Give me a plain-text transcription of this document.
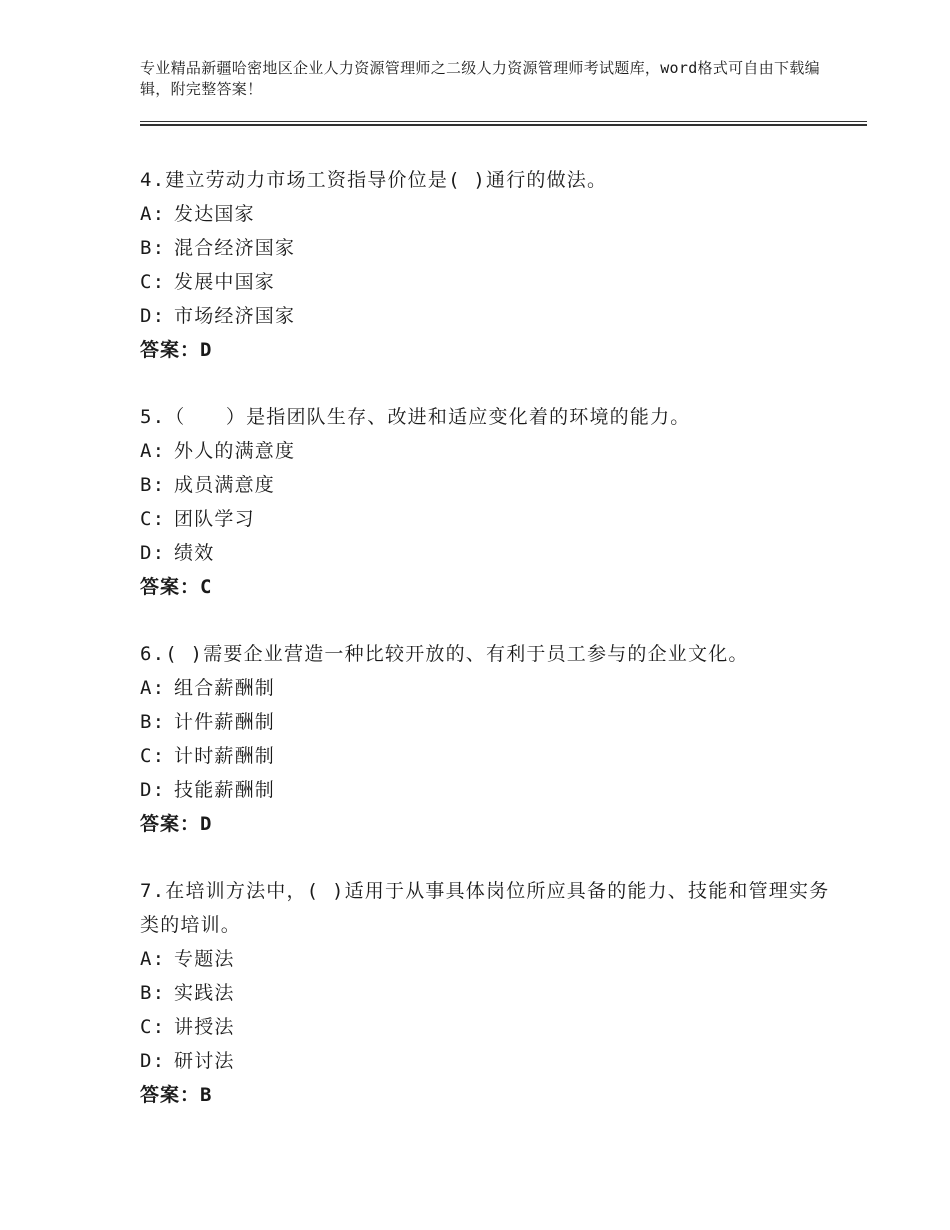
专业精品新疆哈密地区企业人力资源管理师之二级人力资源管理师考试题库，word格式可自由下载编辑，附完整答案！
4.建立劳动力市场工资指导价位是( )通行的做法。
A: 发达国家
B: 混合经济国家
C: 发展中国家
D: 市场经济国家
答案：D
5.（　　）是指团队生存、改进和适应变化着的环境的能力。
A: 外人的满意度
B: 成员满意度
C: 团队学习
D: 绩效
答案：C
6.( )需要企业营造一种比较开放的、有利于员工参与的企业文化。
A: 组合薪酬制
B: 计件薪酬制
C: 计时薪酬制
D: 技能薪酬制
答案：D
7.在培训方法中，( )适用于从事具体岗位所应具备的能力、技能和管理实务类的培训。
A: 专题法
B: 实践法
C: 讲授法
D: 研讨法
答案：B
